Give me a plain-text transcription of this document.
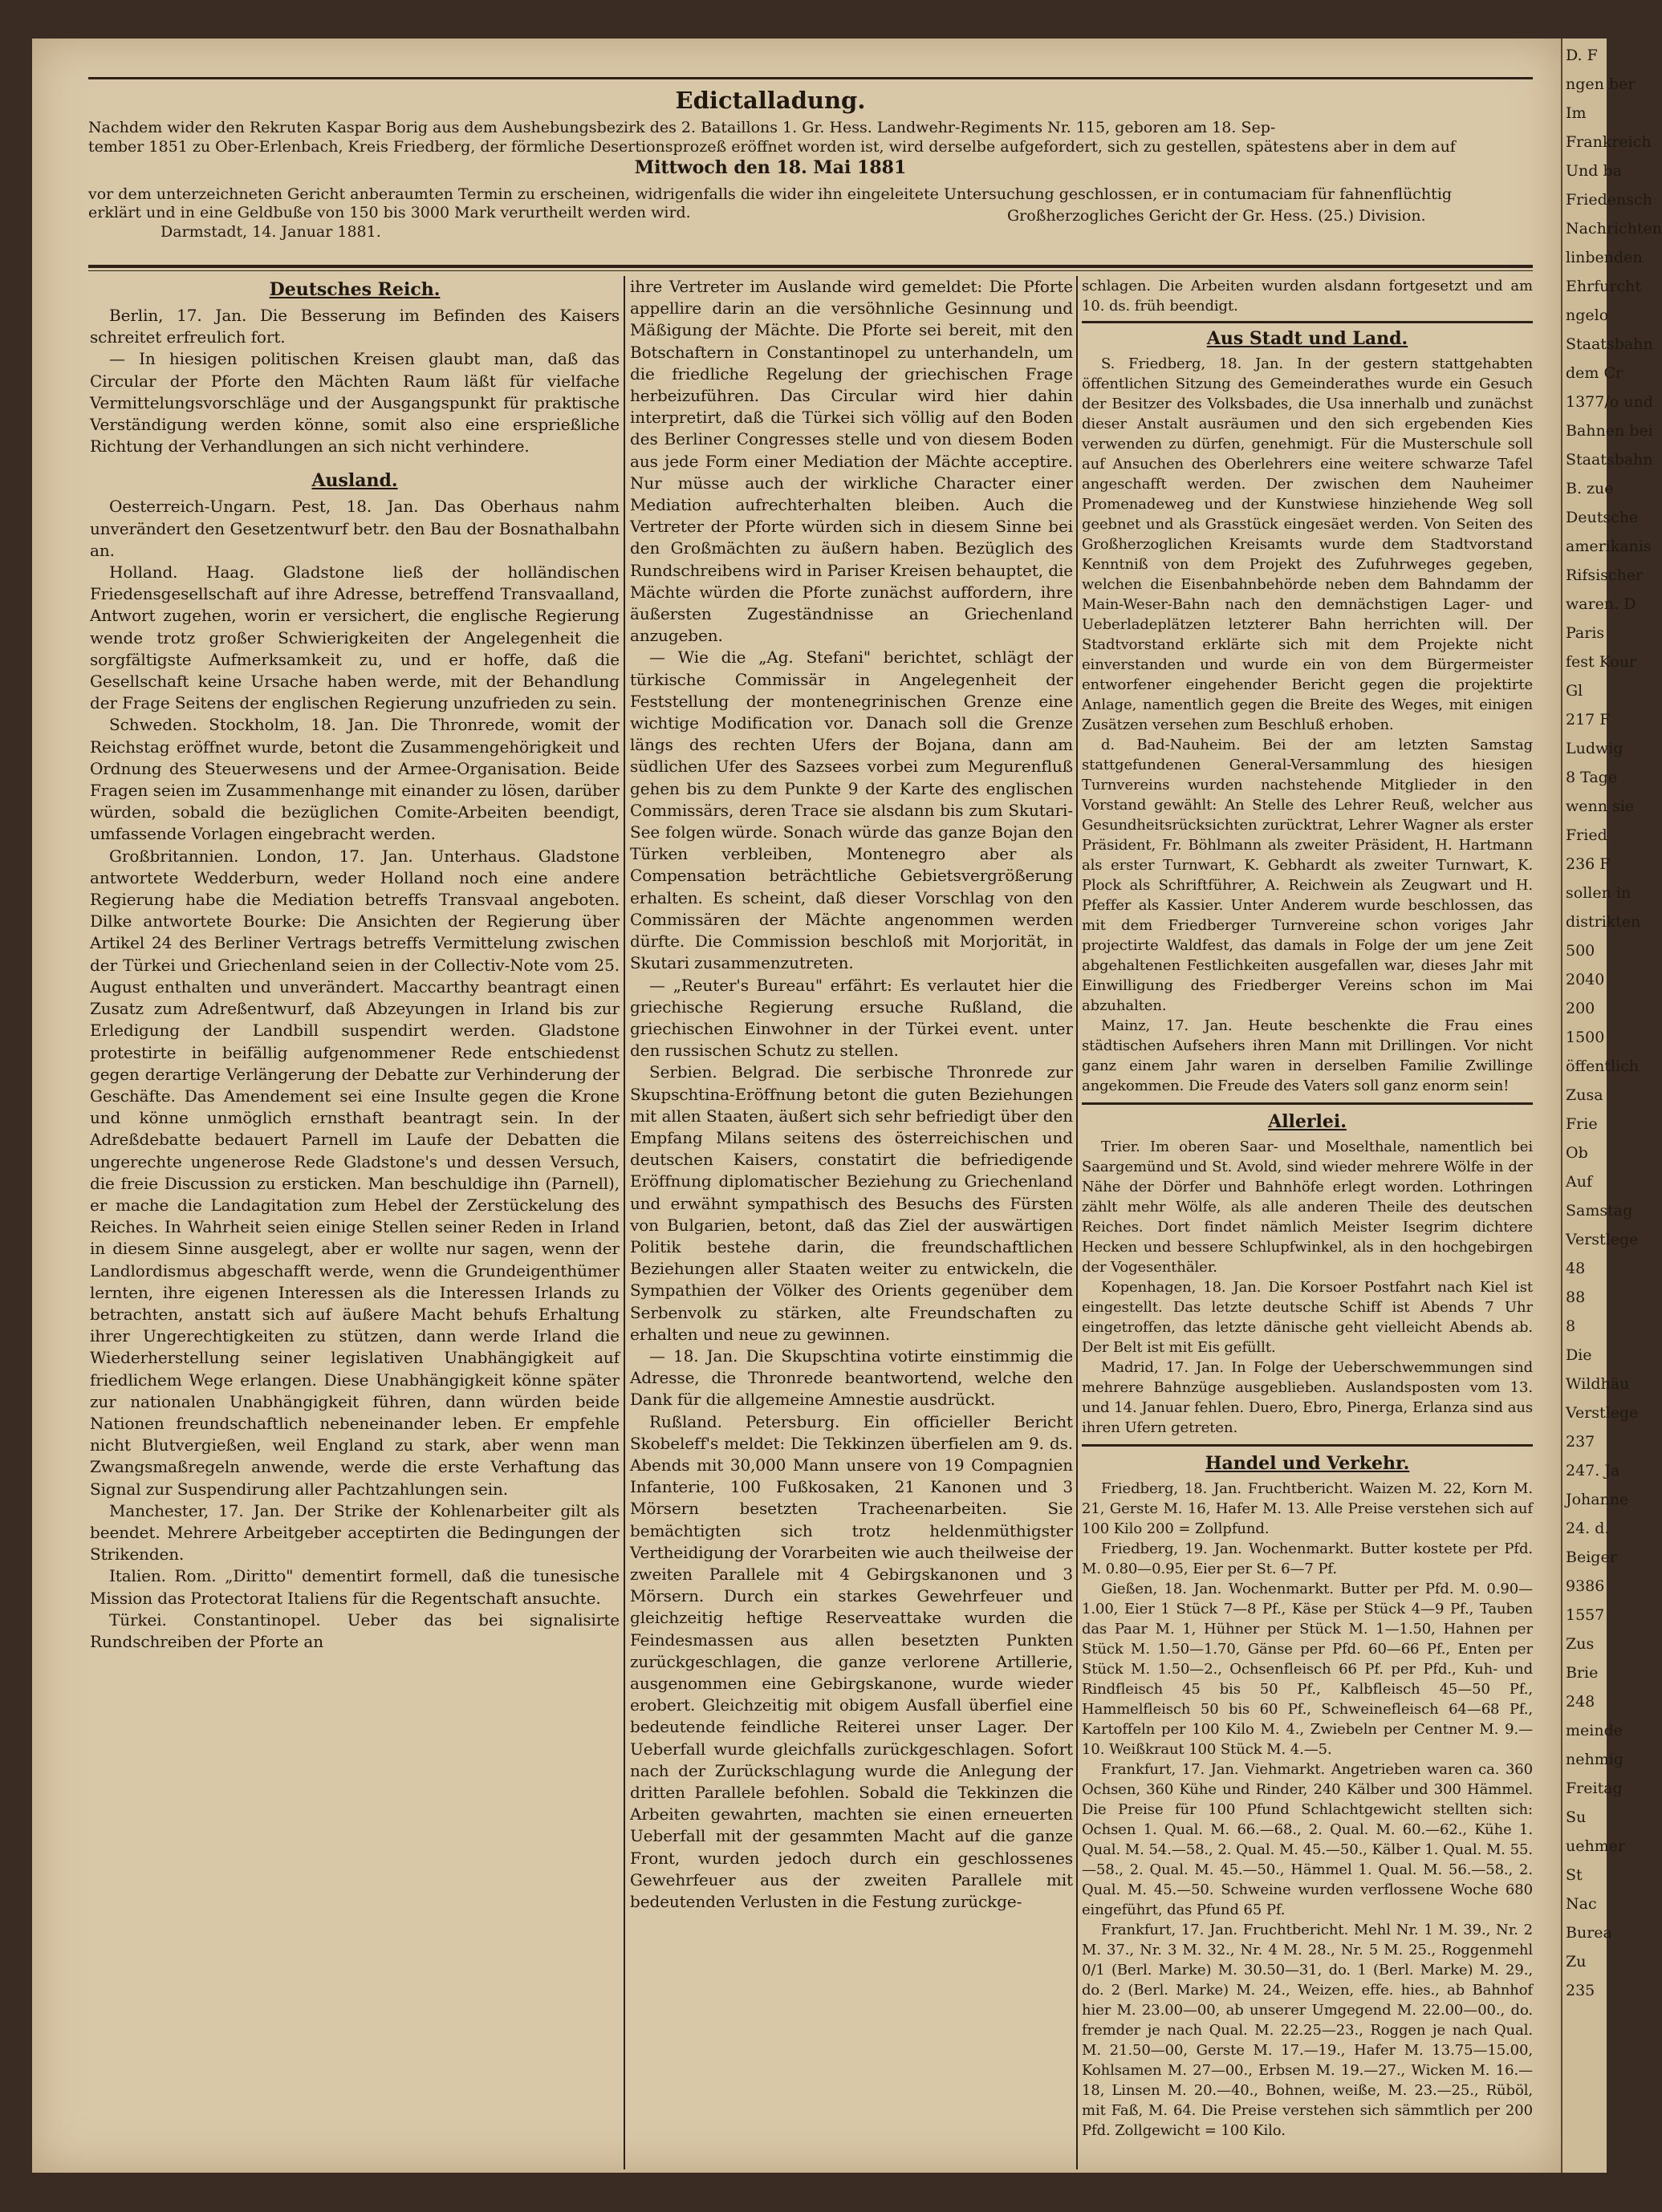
Edictalladung.
Nachdem wider den Rekruten Kaspar Borig aus dem Aushebungsbezirk des 2. Bataillons 1. Gr. Hess. Landwehr-Regiments Nr. 115, geboren am 18. Sep-
tember 1851 zu Ober-Erlenbach, Kreis Friedberg, der förmliche Desertionsprozeß eröffnet worden ist, wird derselbe aufgefordert, sich zu gestellen, spätestens aber in dem auf
Mittwoch den 18. Mai 1881
vor dem unterzeichneten Gericht anberaumten Termin zu erscheinen, widrigenfalls die wider ihn eingeleitete Untersuchung geschlossen, er in contumaciam für fahnenflüchtig
erklärt und in eine Geldbuße von 150 bis 3000 Mark verurtheilt werden wird.
Darmstadt, 14. Januar 1881.
Großherzogliches Gericht der Gr. Hess. (25.) Division.
Deutsches Reich.

Berlin, 17. Jan. Die Besserung im Befinden des Kaisers schreitet erfreulich fort.

— In hiesigen politischen Kreisen glaubt man, daß das Circular der Pforte den Mächten Raum läßt für vielfache Vermittelungsvorschläge und der Ausgangspunkt für praktische Verständigung werden könne, somit also eine ersprießliche Richtung der Verhandlungen an sich nicht verhindere.

Ausland.

Oesterreich-Ungarn. Pest, 18. Jan. Das Oberhaus nahm unverändert den Gesetzentwurf betr. den Bau der Bosnathalbahn an.

Holland. Haag. Gladstone ließ der holländischen Friedensgesellschaft auf ihre Adresse, betreffend Transvaalland, Antwort zugehen, worin er versichert, die englische Regierung wende trotz großer Schwierigkeiten der Angelegenheit die sorgfältigste Aufmerksamkeit zu, und er hoffe, daß die Gesellschaft keine Ursache haben werde, mit der Behandlung der Frage Seitens der englischen Regierung unzufrieden zu sein.

Schweden. Stockholm, 18. Jan. Die Thronrede, womit der Reichstag eröffnet wurde, betont die Zusammengehörigkeit und Ordnung des Steuerwesens und der Armee-Organisation. Beide Fragen seien im Zusammenhange mit einander zu lösen, darüber würden, sobald die bezüglichen Comite-Arbeiten beendigt, umfassende Vorlagen eingebracht werden.

Großbritannien. London, 17. Jan. Unterhaus. Gladstone antwortete Wedderburn, weder Holland noch eine andere Regierung habe die Mediation betreffs Transvaal angeboten. Dilke antwortete Bourke: Die Ansichten der Regierung über Artikel 24 des Berliner Vertrags betreffs Vermittelung zwischen der Türkei und Griechenland seien in der Collectiv-Note vom 25. August enthalten und unverändert. Maccarthy beantragt einen Zusatz zum Adreßentwurf, daß Abzeyungen in Irland bis zur Erledigung der Landbill suspendirt werden. Gladstone protestirte in beifällig aufgenommener Rede entschiedenst gegen derartige Verlängerung der Debatte zur Verhinderung der Geschäfte. Das Amendement sei eine Insulte gegen die Krone und könne unmöglich ernsthaft beantragt sein. In der Adreßdebatte bedauert Parnell im Laufe der Debatten die ungerechte ungenerose Rede Gladstone's und dessen Versuch, die freie Discussion zu ersticken. Man beschuldige ihn (Parnell), er mache die Landagitation zum Hebel der Zerstückelung des Reiches. In Wahrheit seien einige Stellen seiner Reden in Irland in diesem Sinne ausgelegt, aber er wollte nur sagen, wenn der Landlordismus abgeschafft werde, wenn die Grundeigenthümer lernten, ihre eigenen Interessen als die Interessen Irlands zu betrachten, anstatt sich auf äußere Macht behufs Erhaltung ihrer Ungerechtigkeiten zu stützen, dann werde Irland die Wiederherstellung seiner legislativen Unabhängigkeit auf friedlichem Wege erlangen. Diese Unabhängigkeit könne später zur nationalen Unabhängigkeit führen, dann würden beide Nationen freundschaftlich nebeneinander leben. Er empfehle nicht Blutvergießen, weil England zu stark, aber wenn man Zwangsmaßregeln anwende, werde die erste Verhaftung das Signal zur Suspendirung aller Pachtzahlungen sein.

Manchester, 17. Jan. Der Strike der Kohlenarbeiter gilt als beendet. Mehrere Arbeitgeber acceptirten die Bedingungen der Strikenden.

Italien. Rom. „Diritto" dementirt formell, daß die tunesische Mission das Protectorat Italiens für die Regentschaft ansuchte.

Türkei. Constantinopel. Ueber das bei signalisirte Rundschreiben der Pforte an

ihre Vertreter im Auslande wird gemeldet: Die Pforte appellire darin an die versöhnliche Gesinnung und Mäßigung der Mächte. Die Pforte sei bereit, mit den Botschaftern in Constantinopel zu unterhandeln, um die friedliche Regelung der griechischen Frage herbeizuführen. Das Circular wird hier dahin interpretirt, daß die Türkei sich völlig auf den Boden des Berliner Congresses stelle und von diesem Boden aus jede Form einer Mediation der Mächte acceptire. Nur müsse auch der wirkliche Character einer Mediation aufrechterhalten bleiben. Auch die Vertreter der Pforte würden sich in diesem Sinne bei den Großmächten zu äußern haben. Bezüglich des Rundschreibens wird in Pariser Kreisen behauptet, die Mächte würden die Pforte zunächst auffordern, ihre äußersten Zugeständnisse an Griechenland anzugeben.

— Wie die „Ag. Stefani" berichtet, schlägt der türkische Commissär in Angelegenheit der Feststellung der montenegrinischen Grenze eine wichtige Modification vor. Danach soll die Grenze längs des rechten Ufers der Bojana, dann am südlichen Ufer des Sazsees vorbei zum Megurenfluß gehen bis zu dem Punkte 9 der Karte des englischen Commissärs, deren Trace sie alsdann bis zum Skutari-See folgen würde. Sonach würde das ganze Bojan den Türken verbleiben, Montenegro aber als Compensation beträchtliche Gebietsvergrößerung erhalten. Es scheint, daß dieser Vorschlag von den Commissären der Mächte angenommen werden dürfte. Die Commission beschloß mit Morjorität, in Skutari zusammenzutreten.

— „Reuter's Bureau" erfährt: Es verlautet hier die griechische Regierung ersuche Rußland, die griechischen Einwohner in der Türkei event. unter den russischen Schutz zu stellen.

Serbien. Belgrad. Die serbische Thronrede zur Skupschtina-Eröffnung betont die guten Beziehungen mit allen Staaten, äußert sich sehr befriedigt über den Empfang Milans seitens des österreichischen und deutschen Kaisers, constatirt die befriedigende Eröffnung diplomatischer Beziehung zu Griechenland und erwähnt sympathisch des Besuchs des Fürsten von Bulgarien, betont, daß das Ziel der auswärtigen Politik bestehe darin, die freundschaftlichen Beziehungen aller Staaten weiter zu entwickeln, die Sympathien der Völker des Orients gegenüber dem Serbenvolk zu stärken, alte Freundschaften zu erhalten und neue zu gewinnen.

— 18. Jan. Die Skupschtina votirte einstimmig die Adresse, die Thronrede beantwortend, welche den Dank für die allgemeine Amnestie ausdrückt.

Rußland. Petersburg. Ein officieller Bericht Skobeleff's meldet: Die Tekkinzen überfielen am 9. ds. Abends mit 30,000 Mann unsere von 19 Compagnien Infanterie, 100 Fußkosaken, 21 Kanonen und 3 Mörsern besetzten Tracheenarbeiten. Sie bemächtigten sich trotz heldenmüthigster Vertheidigung der Vorarbeiten wie auch theilweise der zweiten Parallele mit 4 Gebirgskanonen und 3 Mörsern. Durch ein starkes Gewehrfeuer und gleichzeitig heftige Reserveattake wurden die Feindesmassen aus allen besetzten Punkten zurückgeschlagen, die ganze verlorene Artillerie, ausgenommen eine Gebirgskanone, wurde wieder erobert. Gleichzeitig mit obigem Ausfall überfiel eine bedeutende feindliche Reiterei unser Lager. Der Ueberfall wurde gleichfalls zurückgeschlagen. Sofort nach der Zurückschlagung wurde die Anlegung der dritten Parallele befohlen. Sobald die Tekkinzen die Arbeiten gewahrten, machten sie einen erneuerten Ueberfall mit der gesammten Macht auf die ganze Front, wurden jedoch durch ein geschlossenes Gewehrfeuer aus der zweiten Parallele mit bedeutenden Verlusten in die Festung zurückge-

schlagen. Die Arbeiten wurden alsdann fortgesetzt und am 10. ds. früh beendigt.

Aus Stadt und Land.

S. Friedberg, 18. Jan. In der gestern stattgehabten öffentlichen Sitzung des Gemeinderathes wurde ein Gesuch der Besitzer des Volksbades, die Usa innerhalb und zunächst dieser Anstalt ausräumen und den sich ergebenden Kies verwenden zu dürfen, genehmigt. Für die Musterschule soll auf Ansuchen des Oberlehrers eine weitere schwarze Tafel angeschafft werden. Der zwischen dem Nauheimer Promenadeweg und der Kunstwiese hinziehende Weg soll geebnet und als Grasstück eingesäet werden. Von Seiten des Großherzoglichen Kreisamts wurde dem Stadtvorstand Kenntniß von dem Projekt des Zufuhrweges gegeben, welchen die Eisenbahnbehörde neben dem Bahndamm der Main-Weser-Bahn nach den demnächstigen Lager- und Ueberladeplätzen letzterer Bahn herrichten will. Der Stadtvorstand erklärte sich mit dem Projekte nicht einverstanden und wurde ein von dem Bürgermeister entworfener eingehender Bericht gegen die projektirte Anlage, namentlich gegen die Breite des Weges, mit einigen Zusätzen versehen zum Beschluß erhoben.

d. Bad-Nauheim. Bei der am letzten Samstag stattgefundenen General-Versammlung des hiesigen Turnvereins wurden nachstehende Mitglieder in den Vorstand gewählt: An Stelle des Lehrer Reuß, welcher aus Gesundheitsrücksichten zurücktrat, Lehrer Wagner als erster Präsident, Fr. Böhlmann als zweiter Präsident, H. Hartmann als erster Turnwart, K. Gebhardt als zweiter Turnwart, K. Plock als Schriftführer, A. Reichwein als Zeugwart und H. Pfeffer als Kassier. Unter Anderem wurde beschlossen, das mit dem Friedberger Turnvereine schon voriges Jahr projectirte Waldfest, das damals in Folge der um jene Zeit abgehaltenen Festlichkeiten ausgefallen war, dieses Jahr mit Einwilligung des Friedberger Vereins schon im Mai abzuhalten.

Mainz, 17. Jan. Heute beschenkte die Frau eines städtischen Aufsehers ihren Mann mit Drillingen. Vor nicht ganz einem Jahr waren in derselben Familie Zwillinge angekommen. Die Freude des Vaters soll ganz enorm sein!

Allerlei.

Trier. Im oberen Saar- und Moselthale, namentlich bei Saargemünd und St. Avold, sind wieder mehrere Wölfe in der Nähe der Dörfer und Bahnhöfe erlegt worden. Lothringen zählt mehr Wölfe, als alle anderen Theile des deutschen Reiches. Dort findet nämlich Meister Isegrim dichtere Hecken und bessere Schlupfwinkel, als in den hochgebirgen der Vogesenthäler.

Kopenhagen, 18. Jan. Die Korsoer Postfahrt nach Kiel ist eingestellt. Das letzte deutsche Schiff ist Abends 7 Uhr eingetroffen, das letzte dänische geht vielleicht Abends ab. Der Belt ist mit Eis gefüllt.

Madrid, 17. Jan. In Folge der Ueberschwemmungen sind mehrere Bahnzüge ausgeblieben. Auslandsposten vom 13. und 14. Januar fehlen. Duero, Ebro, Pinerga, Erlanza sind aus ihren Ufern getreten.

Handel und Verkehr.

Friedberg, 18. Jan. Fruchtbericht. Waizen M. 22, Korn M. 21, Gerste M. 16, Hafer M. 13. Alle Preise verstehen sich auf 100 Kilo 200 = Zollpfund.

Friedberg, 19. Jan. Wochenmarkt. Butter kostete per Pfd. M. 0.80—0.95, Eier per St. 6—7 Pf.

Gießen, 18. Jan. Wochenmarkt. Butter per Pfd. M. 0.90—1.00, Eier 1 Stück 7—8 Pf., Käse per Stück 4—9 Pf., Tauben das Paar M. 1, Hühner per Stück M. 1—1.50, Hahnen per Stück M. 1.50—1.70, Gänse per Pfd. 60—66 Pf., Enten per Stück M. 1.50—2., Ochsenfleisch 66 Pf. per Pfd., Kuh- und Rindfleisch 45 bis 50 Pf., Kalbfleisch 45—50 Pf., Hammelfleisch 50 bis 60 Pf., Schweinefleisch 64—68 Pf., Kartoffeln per 100 Kilo M. 4., Zwiebeln per Centner M. 9.—10. Weißkraut 100 Stück M. 4.—5.

Frankfurt, 17. Jan. Viehmarkt. Angetrieben waren ca. 360 Ochsen, 360 Kühe und Rinder, 240 Kälber und 300 Hämmel. Die Preise für 100 Pfund Schlachtgewicht stellten sich: Ochsen 1. Qual. M. 66.—68., 2. Qual. M. 60.—62., Kühe 1. Qual. M. 54.—58., 2. Qual. M. 45.—50., Kälber 1. Qual. M. 55.—58., 2. Qual. M. 45.—50., Hämmel 1. Qual. M. 56.—58., 2. Qual. M. 45.—50. Schweine wurden verflossene Woche 680 eingeführt, das Pfund 65 Pf.

Frankfurt, 17. Jan. Fruchtbericht. Mehl Nr. 1 M. 39., Nr. 2 M. 37., Nr. 3 M. 32., Nr. 4 M. 28., Nr. 5 M. 25., Roggenmehl 0/1 (Berl. Marke) M. 30.50—31, do. 1 (Berl. Marke) M. 29., do. 2 (Berl. Marke) M. 24., Weizen, effe. hies., ab Bahnhof hier M. 23.00—00, ab unserer Umgegend M. 22.00—00., do. fremder je nach Qual. M. 22.25—23., Roggen je nach Qual. M. 21.50—00, Gerste M. 17.—19., Hafer M. 13.75—15.00, Kohlsamen M. 27—00., Erbsen M. 19.—27., Wicken M. 16.—18, Linsen M. 20.—40., Bohnen, weiße, M. 23.—25., Rüböl, mit Faß, M. 64. Die Preise verstehen sich sämmtlich per 200 Pfd. Zollgewicht = 100 Kilo.

D. F
ngen ber
Im
Frankreich
Und ba
Friedensch
Nachrichten
linbenden
Ehrfurcht
ngelo
Staatsbahn
dem Cr
1377/o und
Bahnen bei
Staatsbahn
B. zue
Deutsche
amerikanis
Rifsischer
waren. D
Paris
fest Kour
Gl
217 F
Ludwig
8 Tage
wenn sie
Fried
236 F
sollen in
distrikten
500
2040
200
1500
öffentlich
Zusa
Frie
Ob
Auf
Samstag
Verstlege
48
88
8
Die
Wildhäu
Verstlege
237
247. Ja
Johanne
24. d.
Beiger
9386
1557
Zus
Brie
248
meinde
nehmig
Freitag
Su
uehmer
St
Nac
Burea
Zu
235
